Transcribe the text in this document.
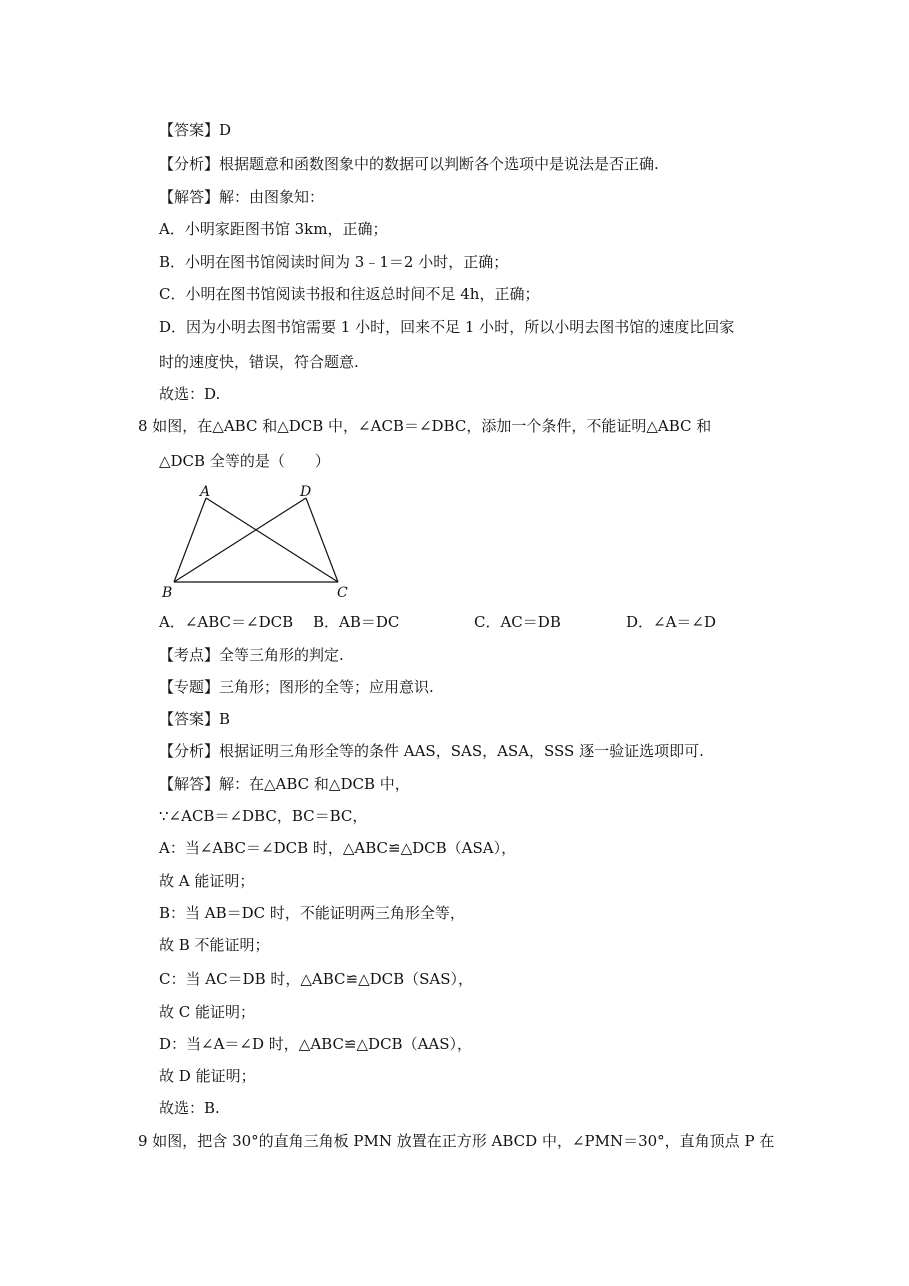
【答案】D
【分析】根据题意和函数图象中的数据可以判断各个选项中是说法是否正确.
【解答】解：由图象知：
A．小明家距图书馆 3km，正确；
B．小明在图书馆阅读时间为 3﹣1＝2 小时，正确；
C．小明在图书馆阅读书报和往返总时间不足 4h，正确；
D．因为小明去图书馆需要 1 小时，回来不足 1 小时，所以小明去图书馆的速度比回家
时的速度快，错误，符合题意.
故选：D.
8 如图，在△ABC 和△DCB 中，∠ACB＝∠DBC，添加一个条件，不能证明△ABC 和
△DCB 全等的是（　　）
A	D
B	C
A．∠ABC＝∠DCB B．AB＝DC	C．AC＝DB	D．∠A＝∠D
【考点】全等三角形的判定.
【专题】三角形；图形的全等；应用意识.
【答案】B
【分析】根据证明三角形全等的条件 AAS，SAS，ASA，SSS 逐一验证选项即可.
【解答】解：在△ABC 和△DCB 中，
∵∠ACB＝∠DBC，BC＝BC，
A：当∠ABC＝∠DCB 时，△ABC≌△DCB（ASA），
故 A 能证明；
B：当 AB＝DC 时，不能证明两三角形全等，
故 B 不能证明；
C：当 AC＝DB 时，△ABC≌△DCB（SAS），
故 C 能证明；
D：当∠A＝∠D 时，△ABC≌△DCB（AAS），
故 D 能证明；
故选：B.
9 如图，把含 30°的直角三角板 PMN 放置在正方形 ABCD 中，∠PMN＝30°，直角顶点 P 在
